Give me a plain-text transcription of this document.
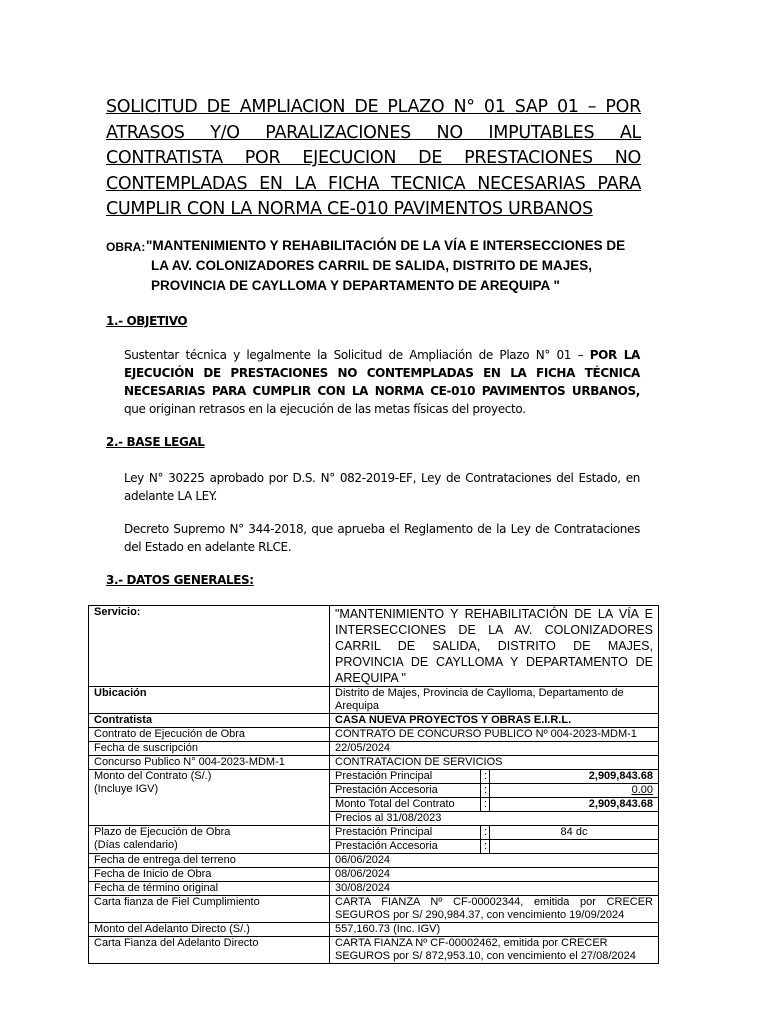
SOLICITUD DE AMPLIACION DE PLAZO N° 01 SAP 01 – POR ATRASOS Y/O PARALIZACIONES NO IMPUTABLES AL CONTRATISTA POR EJECUCION DE PRESTACIONES NO CONTEMPLADAS EN LA FICHA TECNICA NECESARIAS PARA CUMPLIR CON LA NORMA CE-010 PAVIMENTOS URBANOS

OBRA: "MANTENIMIENTO Y REHABILITACIÓN DE LA VÍA E INTERSECCIONES DE
LA AV. COLONIZADORES CARRIL DE SALIDA, DISTRITO DE MAJES,
PROVINCIA DE CAYLLOMA Y DEPARTAMENTO DE AREQUIPA "

1.- OBJETIVO

Sustentar técnica y legalmente la Solicitud de Ampliación de Plazo N° 01 – POR LA EJECUCIÓN DE PRESTACIONES NO CONTEMPLADAS EN LA FICHA TÉCNICA NECESARIAS PARA CUMPLIR CON LA NORMA CE-010 PAVIMENTOS URBANOS, que originan retrasos en la ejecución de las metas físicas del proyecto.

2.- BASE LEGAL

Ley N° 30225 aprobado por D.S. N° 082-2019-EF, Ley de Contrataciones del Estado, en adelante LA LEY.

Decreto Supremo N° 344-2018, que aprueba el Reglamento de la Ley de Contrataciones del Estado en adelante RLCE.

3.- DATOS GENERALES:
Servicio:	"MANTENIMIENTO Y REHABILITACIÓN DE LA VÍA E INTERSECCIONES DE LA AV. COLONIZADORES CARRIL DE SALIDA, DISTRITO DE MAJES, PROVINCIA DE CAYLLOMA Y DEPARTAMENTO DE AREQUIPA "
Ubicación	Distrito de Majes, Provincia de Caylloma, Departamento de Arequipa
Contratista	CASA NUEVA PROYECTOS Y OBRAS E.I.R.L.
Contrato de Ejecución de Obra	CONTRATO DE CONCURSO PUBLICO Nº 004-2023-MDM-1
Fecha de suscripción	22/05/2024
Concurso Publico N° 004-2023-MDM-1	CONTRATACION DE SERVICIOS

Monto del Contrato (S/.)
(Incluye IGV)

Prestación Principal	:	2,909,843.68
Prestación Accesoria	:	0.00
Monto Total del Contrato	:	2,909,843.68
Precios al 31/08/2023

Plazo de Ejecución de Obra
(Días calendario)

Prestación Principal	:	84 dc
Prestación Accesoria	:	

Fecha de entrega del terreno	06/06/2024
Fecha de Inicio de Obra	08/06/2024
Fecha de término original	30/08/2024
Carta fianza de Fiel Cumplimiento	CARTA FIANZA Nº CF-00002344, emitida por CRECER SEGUROS por S/ 290,984.37, con vencimiento 19/09/2024
Monto del Adelanto Directo (S/.)	557,160.73 (Inc. IGV)
Carta Fianza del Adelanto Directo	CARTA FIANZA Nº CF-00002462, emitida por CRECER SEGUROS por S/ 872,953.10, con vencimiento el 27/08/2024
